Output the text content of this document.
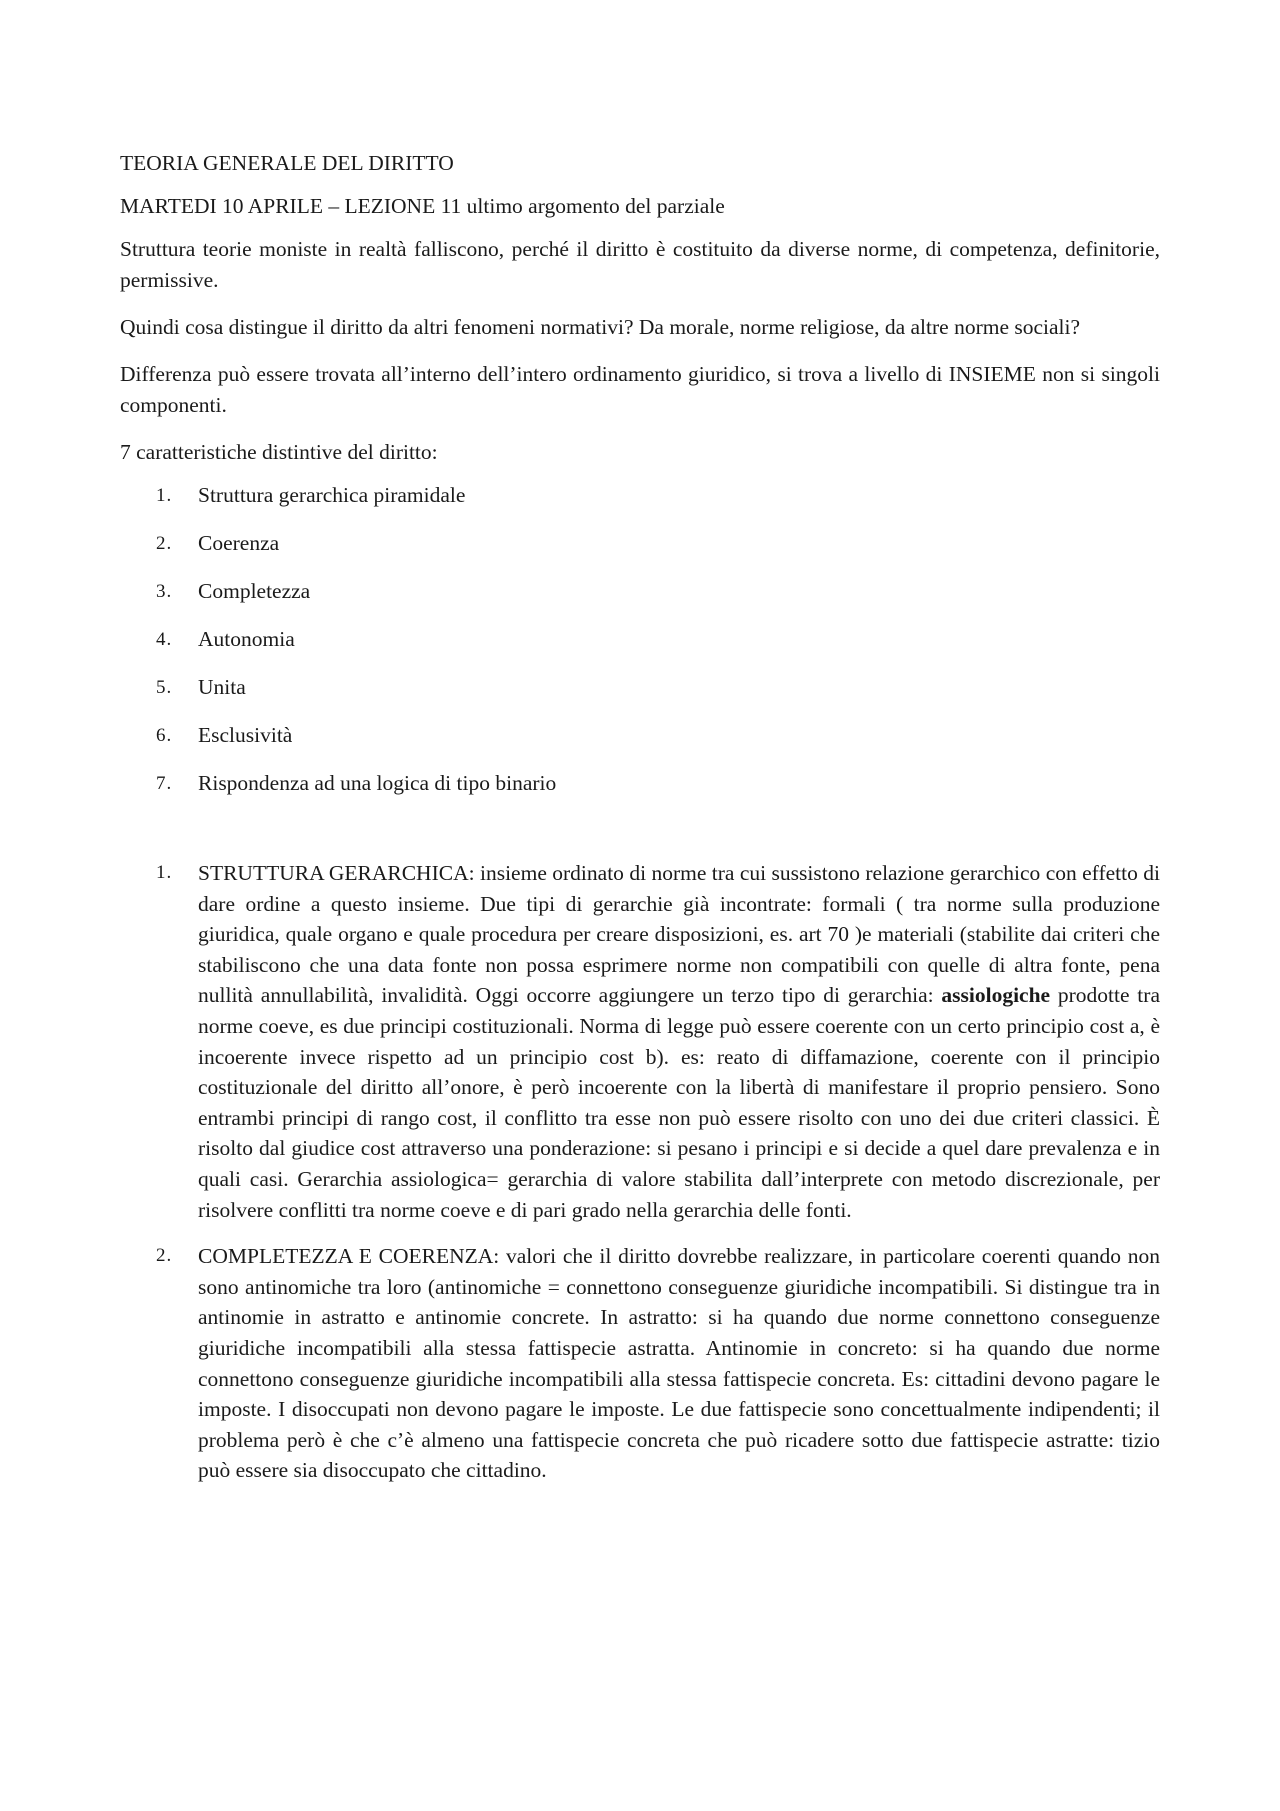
TEORIA GENERALE DEL DIRITTO
MARTEDI 10 APRILE – LEZIONE 11 ultimo argomento del parziale

Struttura teorie moniste in realtà falliscono, perché il diritto è costituito da diverse norme, di competenza, definitorie, permissive.

Quindi cosa distingue il diritto da altri fenomeni normativi? Da morale, norme religiose, da altre norme sociali?

Differenza può essere trovata all’interno dell’intero ordinamento giuridico, si trova a livello di INSIEME non si singoli componenti.

7 caratteristiche distintive del diritto:
1.	Struttura gerarchica piramidale
2.	Coerenza
3.	Completezza
4.	Autonomia
5.	Unita
6.	Esclusività
7.	Rispondenza ad una logica di tipo binario
1.	STRUTTURA GERARCHICA: insieme ordinato di norme tra cui sussistono relazione gerarchico con effetto di dare ordine a questo insieme. Due tipi di gerarchie già incontrate: formali ( tra norme sulla produzione giuridica, quale organo e quale procedura per creare disposizioni, es. art 70 )e materiali (stabilite dai criteri che stabiliscono che una data fonte non possa esprimere norme non compatibili con quelle di altra fonte, pena nullità annullabilità, invalidità. Oggi occorre aggiungere un terzo tipo di gerarchia: assiologiche prodotte tra norme coeve, es due principi costituzionali. Norma di legge può essere coerente con un certo principio cost a, è incoerente invece rispetto ad un principio cost b). es: reato di diffamazione, coerente con il principio costituzionale del diritto all’onore, è però incoerente con la libertà di manifestare il proprio pensiero. Sono entrambi principi di rango cost, il conflitto tra esse non può essere risolto con uno dei due criteri classici. È risolto dal giudice cost attraverso una ponderazione: si pesano i principi e si decide a quel dare prevalenza e in quali casi. Gerarchia assiologica= gerarchia di valore stabilita dall’interprete con metodo discrezionale, per risolvere conflitti tra norme coeve e di pari grado nella gerarchia delle fonti.
2.	COMPLETEZZA E COERENZA: valori che il diritto dovrebbe realizzare, in particolare coerenti quando non sono antinomiche tra loro (antinomiche = connettono conseguenze giuridiche incompatibili. Si distingue tra in antinomie in astratto e antinomie concrete. In astratto: si ha quando due norme connettono conseguenze giuridiche incompatibili alla stessa fattispecie astratta. Antinomie in concreto: si ha quando due norme connettono conseguenze giuridiche incompatibili alla stessa fattispecie concreta. Es: cittadini devono pagare le imposte. I disoccupati non devono pagare le imposte. Le due fattispecie sono concettualmente indipendenti; il problema però è che c’è almeno una fattispecie concreta che può ricadere sotto due fattispecie astratte: tizio può essere sia disoccupato che cittadino.
